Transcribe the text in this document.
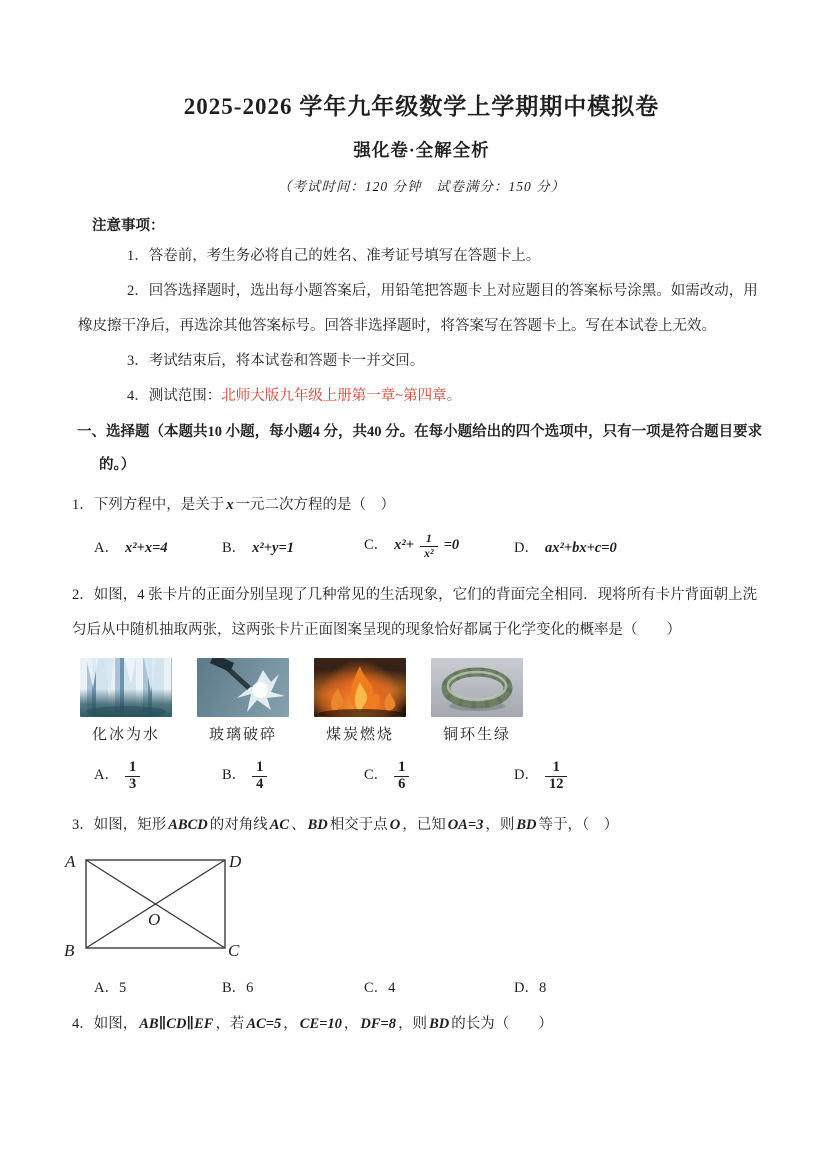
2025-2026 学年九年级数学上学期期中模拟卷
强化卷·全解全析
（考试时间：120 分钟　试卷满分：150 分）
注意事项：

1．答卷前，考生务必将自己的姓名、准考证号填写在答题卡上。

2．回答选择题时，选出每小题答案后，用铅笔把答题卡上对应题目的答案标号涂黑。如需改动，用橡皮擦干净后，再选涂其他答案标号。回答非选择题时，将答案写在答题卡上。写在本试卷上无效。

3．考试结束后，将本试卷和答题卡一并交回。

4．测试范围：北师大版九年级上册第一章~第四章。

一、选择题（本题共10 小题，每小题4 分，共40 分。在每小题给出的四个选项中，只有一项是符合题目要求的。）

1．下列方程中，是关于 x 一元二次方程的是（　）

A． x²+x=4	B． x²+y=1	C． $x^2+ \frac{1}{\text{x²}} =0$	D． ax²+bx+c=0

2．如图，4 张卡片的正面分别呈现了几种常见的生活现象，它们的背面完全相同．现将所有卡片背面朝上洗匀后从中随机抽取两张，这两张卡片正面图案呈现的现象恰好都属于化学变化的概率是（　　）

化冰为水	玻璃破碎	煤炭燃烧	铜环生绿
A． $\frac{1}{3}$	B． $\frac{1}{4}$	C． $\frac{1}{6}$	D． $\frac{1}{12}$

3．如图，矩形 ABCD 的对角线 AC 、 BD 相交于点 O ，已知 OA=3 ，则 BD 等于，（　）

A	D
B	C
O
A．5	B．6	C．4	D．8

4．如图， AB∥CD∥EF ，若 AC=5 ， CE=10 ， DF=8 ，则 BD 的长为（　　）
